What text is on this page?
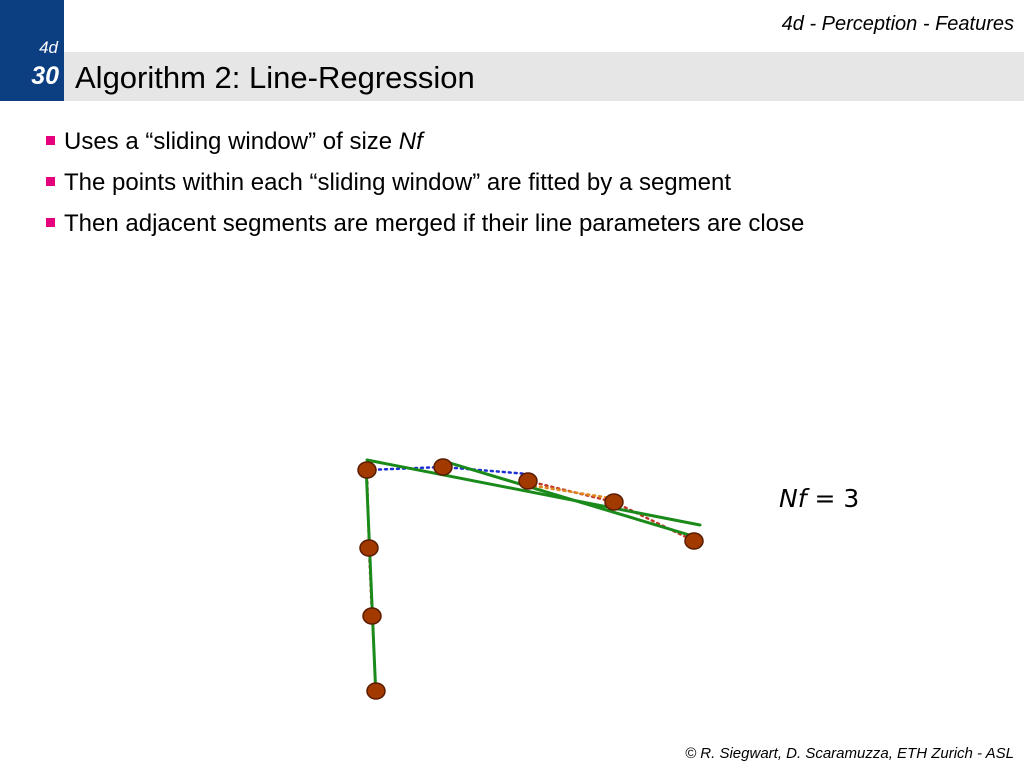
4d
30
4d - Perception - Features
Algorithm 2: Line-Regression
Uses a “sliding window” of size Nf
The points within each “sliding window” are fitted by a segment
Then adjacent segments are merged if their line parameters are close
Nf = 3
© R. Siegwart, D. Scaramuzza, ETH Zurich - ASL
